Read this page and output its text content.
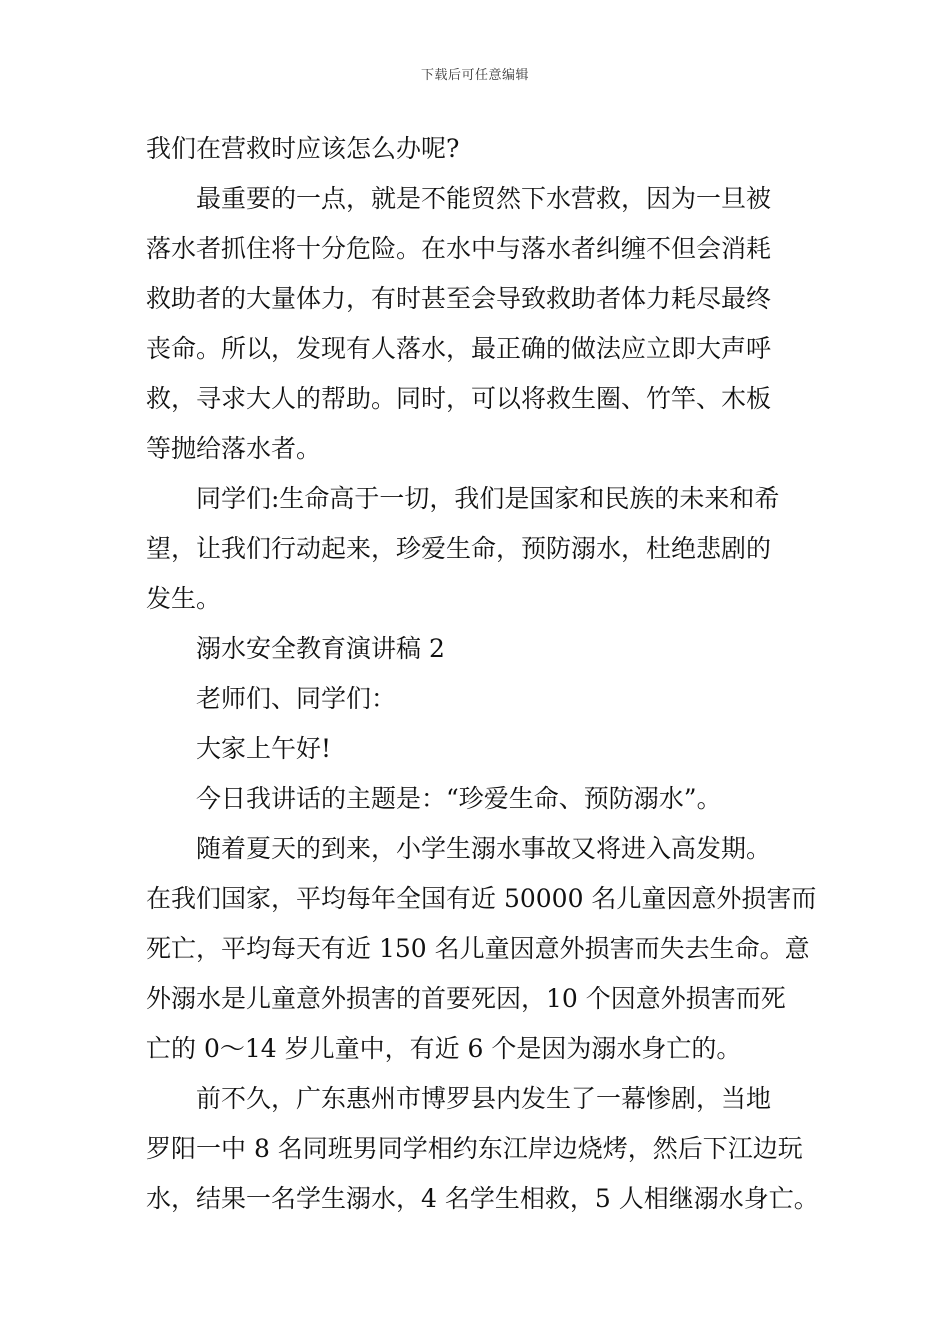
下载后可任意编辑

我们在营救时应该怎么办呢?

最重要的一点，就是不能贸然下水营救，因为一旦被

落水者抓住将十分危险。在水中与落水者纠缠不但会消耗

救助者的大量体力，有时甚至会导致救助者体力耗尽最终

丧命。所以，发现有人落水，最正确的做法应立即大声呼

救，寻求大人的帮助。同时，可以将救生圈、竹竿、木板

等抛给落水者。

同学们:生命高于一切，我们是国家和民族的未来和希

望，让我们行动起来，珍爱生命，预防溺水，杜绝悲剧的

发生。

溺水安全教育演讲稿 2

老师们、同学们：

大家上午好!

今日我讲话的主题是：“珍爱生命、预防溺水”。

随着夏天的到来，小学生溺水事故又将进入高发期。

在我们国家，平均每年全国有近 50000 名儿童因意外损害而

死亡，平均每天有近 150 名儿童因意外损害而失去生命。意

外溺水是儿童意外损害的首要死因，10 个因意外损害而死

亡的 0～14 岁儿童中，有近 6 个是因为溺水身亡的。

前不久，广东惠州市博罗县内发生了一幕惨剧，当地

罗阳一中 8 名同班男同学相约东江岸边烧烤，然后下江边玩

水，结果一名学生溺水，4 名学生相救，5 人相继溺水身亡。
